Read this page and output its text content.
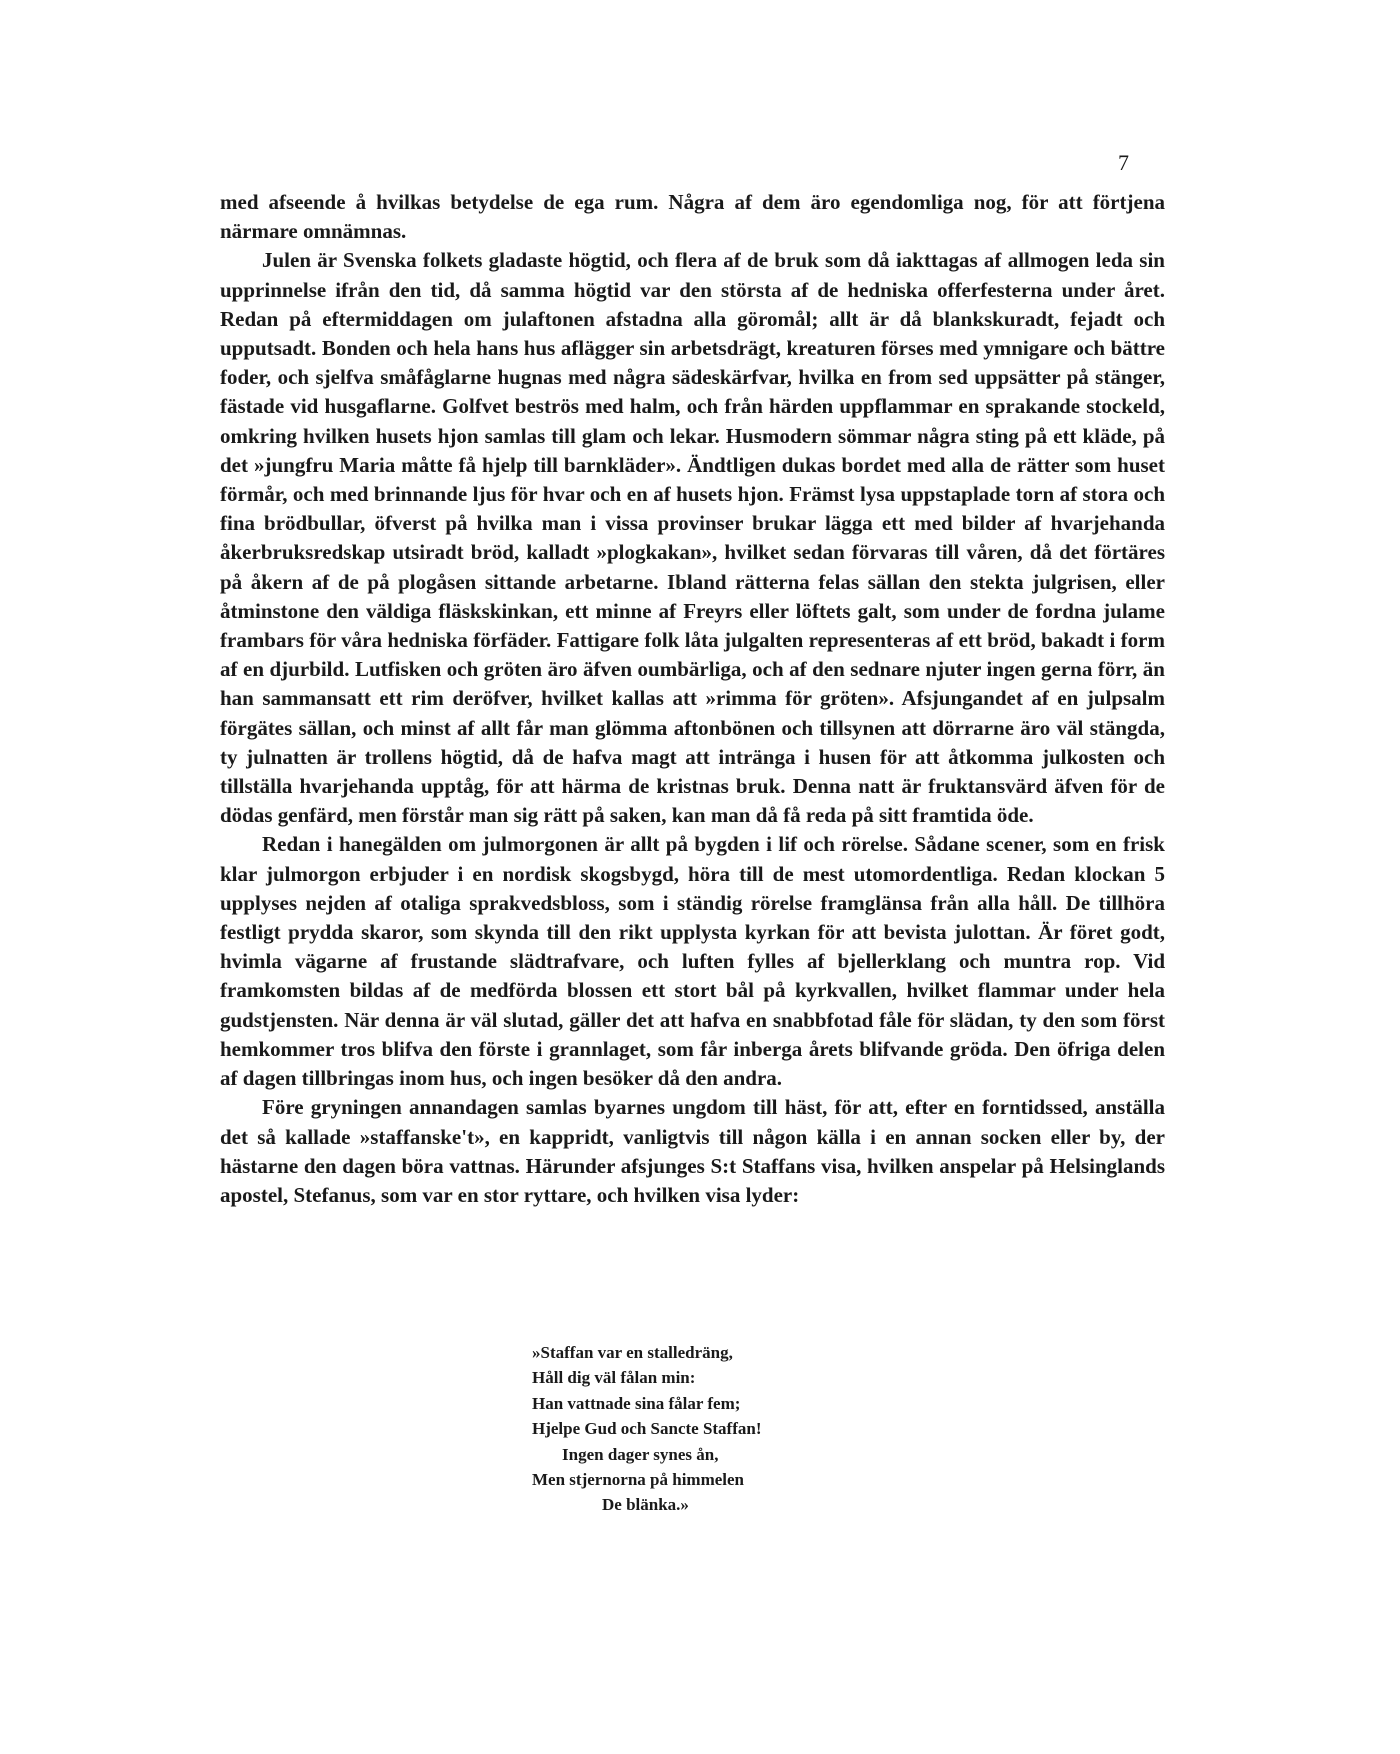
7

med afseende å hvilkas betydelse de ega rum. Några af dem äro egendomliga nog, för att förtjena närmare omnämnas.

Julen är Svenska folkets gladaste högtid, och flera af de bruk som då iakttagas af allmogen leda sin upprinnelse ifrån den tid, då samma högtid var den största af de hedniska offerfesterna under året. Redan på eftermiddagen om julaftonen afstadna alla göromål; allt är då blankskuradt, fejadt och upputsadt. Bonden och hela hans hus aflägger sin arbetsdrägt, kreaturen förses med ymnigare och bättre foder, och sjelfva småfåglarne hugnas med några sädeskärfvar, hvilka en from sed uppsätter på stänger, fästade vid husgaflarne. Golfvet beströs med halm, och från härden uppflammar en sprakande stockeld, omkring hvilken husets hjon samlas till glam och lekar. Husmodern sömmar några sting på ett kläde, på det »jungfru Maria måtte få hjelp till barnkläder». Ändtligen dukas bordet med alla de rätter som huset förmår, och med brinnande ljus för hvar och en af husets hjon. Främst lysa uppstaplade torn af stora och fina brödbullar, öfverst på hvilka man i vissa provinser brukar lägga ett med bilder af hvarjehanda åkerbruksredskap utsiradt bröd, kalladt »plogkakan», hvilket sedan förvaras till våren, då det förtäres på åkern af de på plogåsen sittande arbetarne. Ibland rätterna felas sällan den stekta julgrisen, eller åtminstone den väldiga fläskskinkan, ett minne af Freyrs eller löftets galt, som under de fordna julame frambars för våra hedniska förfäder. Fattigare folk låta julgalten representeras af ett bröd, bakadt i form af en djurbild. Lutfisken och gröten äro äfven oumbärliga, och af den sednare njuter ingen gerna förr, än han sammansatt ett rim deröfver, hvilket kallas att »rimma för gröten». Afsjungandet af en julpsalm förgätes sällan, och minst af allt får man glömma aftonbönen och tillsynen att dörrarne äro väl stängda, ty julnatten är trollens högtid, då de hafva magt att intränga i husen för att åtkomma julkosten och tillställa hvarjehanda upptåg, för att härma de kristnas bruk. Denna natt är fruktansvärd äfven för de dödas genfärd, men förstår man sig rätt på saken, kan man då få reda på sitt framtida öde.

Redan i hanegälden om julmorgonen är allt på bygden i lif och rörelse. Sådane scener, som en frisk klar julmorgon erbjuder i en nordisk skogsbygd, höra till de mest utomordentliga. Redan klockan 5 upplyses nejden af otaliga sprakvedsbloss, som i ständig rörelse framglänsa från alla håll. De tillhöra festligt prydda skaror, som skynda till den rikt upplysta kyrkan för att bevista julottan. Är föret godt, hvimla vägarne af frustande slädtrafvare, och luften fylles af bjellerklang och muntra rop. Vid framkomsten bildas af de medförda blossen ett stort bål på kyrkvallen, hvilket flammar under hela gudstjensten. När denna är väl slutad, gäller det att hafva en snabbfotad fåle för slädan, ty den som först hemkommer tros blifva den förste i grannlaget, som får inberga årets blifvande gröda. Den öfriga delen af dagen tillbringas inom hus, och ingen besöker då den andra.

Före gryningen annandagen samlas byarnes ungdom till häst, för att, efter en forntidssed, anställa det så kallade »staffanske't», en kappridt, vanligtvis till någon källa i en annan socken eller by, der hästarne den dagen böra vattnas. Härunder afsjunges S:t Staffans visa, hvilken anspelar på Helsinglands apostel, Stefanus, som var en stor ryttare, och hvilken visa lyder:

»Staffan var en stalledräng,
Håll dig väl fålan min:
Han vattnade sina fålar fem;
Hjelpe Gud och Sancte Staffan!
Ingen dager synes ån,
Men stjernorna på himmelen
De blänka.»
